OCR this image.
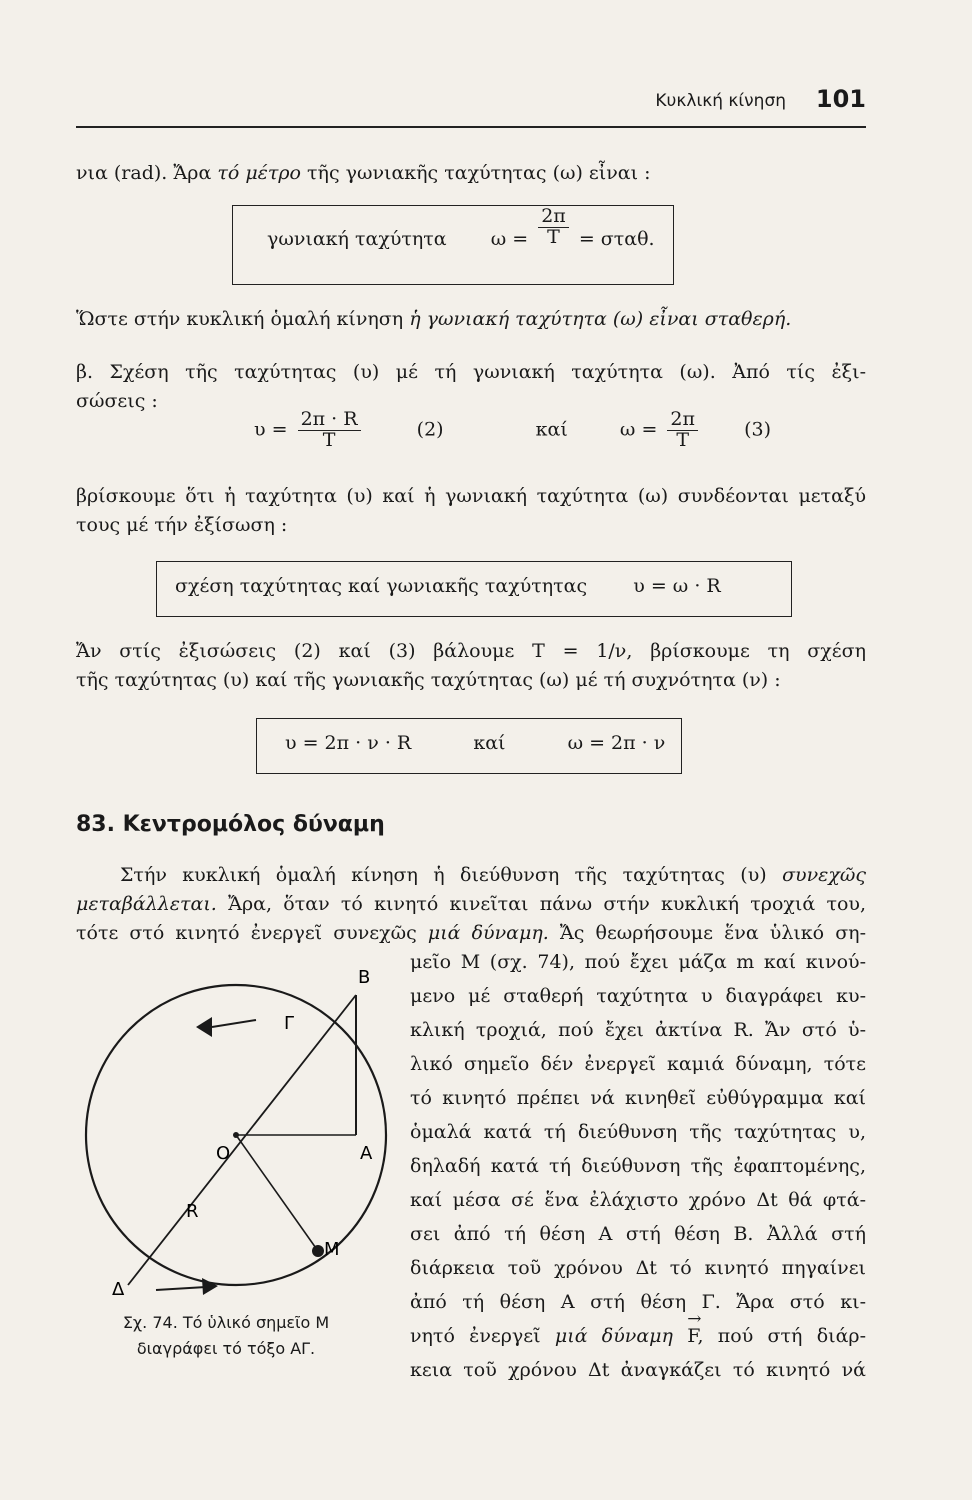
Κυκλική κίνηση 101
νια (rad). Ἄρα τό μέτρο τῆς γωνιακῆς ταχύτητας (ω) εἶναι :
γωνιακή ταχύτητα $\omega = \frac{2\pi}{T} = \sigma\tau\alpha\theta$.
Ὥστε στήν κυκλική ὁμαλή κίνηση ἡ γωνιακή ταχύτητα (ω) εἶναι σταθερή.
β. Σχέση τῆς ταχύτητας (υ) μέ τή γωνιακή ταχύτητα (ω). Ἀπό τίς ἐξι-
σώσεις :
$\upsilon = \frac{2\pi \cdot R}{T}$	(2)	καί	$\omega = \frac{2\pi}{T} (3)$
βρίσκουμε ὅτι ἡ ταχύτητα (υ) καί ἡ γωνιακή ταχύτητα (ω) συνδέονται μεταξύ
τους μέ τήν ἐξίσωση :
σχέση ταχύτητας καί γωνιακῆς ταχύτητας υ = ω · R
Ἄν στίς ἐξισώσεις (2) καί (3) βάλουμε T = 1/ν, βρίσκουμε τη σχέση
τῆς ταχύτητας (υ) καί τῆς γωνιακῆς ταχύτητας (ω) μέ τή συχνότητα (ν) :
υ = 2π · ν · R	καί	ω = 2π · ν
83. Κεντρομόλος δύναμη
Στήν κυκλική ὁμαλή κίνηση ἡ διεύθυνση τῆς ταχύτητας (υ) συνεχῶς
μεταβάλλεται. Ἄρα, ὅταν τό κινητό κινεῖται πάνω στήν κυκλική τροχιά του,
τότε στό κινητό ἐνεργεῖ συνεχῶς μιά δύναμη. Ἄς θεωρήσουμε ἕνα ὑλικό ση-
μεῖο M (σχ. 74), πού ἔχει μάζα m καί κινού-
μενο μέ σταθερή ταχύτητα υ διαγράφει κυ-
κλική τροχιά, πού ἔχει ἀκτίνα R. Ἄν στό ὑ-
λικό σημεῖο δέν ἐνεργεῖ καμιά δύναμη, τότε
τό κινητό πρέπει νά κινηθεῖ εὐθύγραμμα καί
ὁμαλά κατά τή διεύθυνση τῆς ταχύτητας υ,
δηλαδή κατά τή διεύθυνση τῆς ἐφαπτομένης,
καί μέσα σέ ἕνα ἐλάχιστο χρόνο Δt θά φτά-
σει ἀπό τή θέση A στή θέση B. Ἀλλά στή
διάρκεια τοῦ χρόνου Δt τό κινητό πηγαίνει
ἀπό τή θέση A στή θέση Γ. Ἄρα στό κι-
νητό ἐνεργεῖ μιά δύναμη → F, πού στή διάρ-
κεια τοῦ χρόνου Δt ἀναγκάζει τό κινητό νά
B
Γ
O	A
R
M
Δ
Σχ. 74. Τό ὑλικό σημεῖο M
διαγράφει τό τόξο ΑΓ.
